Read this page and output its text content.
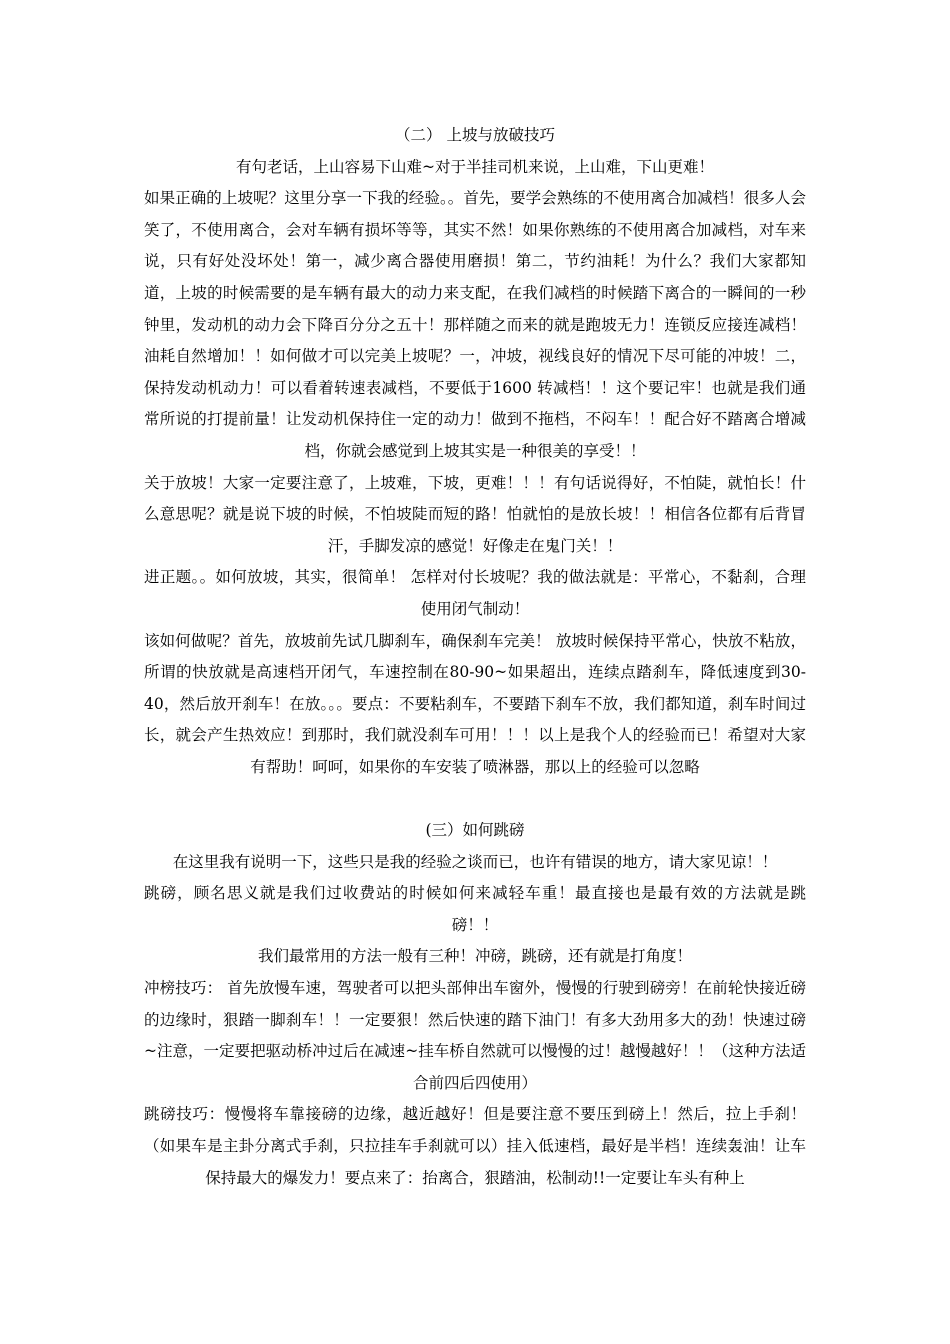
（二） 上坡与放破技巧

有句老话，上山容易下山难~对于半挂司机来说，上山难，下山更难！

如果正确的上坡呢？这里分享一下我的经验。。首先，要学会熟练的不使用离合加减档！很多人会笑了，不使用离合，会对车辆有损坏等等，其实不然！如果你熟练的不使用离合加减档，对车来说，只有好处没坏处！第一，减少离合器使用磨损！第二，节约油耗！为什么？我们大家都知道，上坡的时候需要的是车辆有最大的动力来支配，在我们减档的时候踏下离合的一瞬间的一秒钟里，发动机的动力会下降百分分之五十！那样随之而来的就是跑坡无力！连锁反应接连减档！油耗自然增加！！如何做才可以完美上坡呢？一，冲坡，视线良好的情况下尽可能的冲坡！二，保持发动机动力！可以看着转速表减档，不要低于1600 转减档！！这个要记牢！也就是我们通常所说的打提前量！让发动机保持住一定的动力！做到不拖档，不闷车！！配合好不踏离合增减档，你就会感觉到上坡其实是一种很美的享受！！

关于放坡！大家一定要注意了，上坡难，下坡，更难！！！有句话说得好，不怕陡，就怕长！什么意思呢？就是说下坡的时候，不怕坡陡而短的路！怕就怕的是放长坡！！相信各位都有后背冒汗，手脚发凉的感觉！好像走在鬼门关！！

进正题。。如何放坡，其实，很简单！ 怎样对付长坡呢？我的做法就是：平常心，不黏刹，合理使用闭气制动！

该如何做呢？首先，放坡前先试几脚刹车，确保刹车完美！ 放坡时候保持平常心，快放不粘放，所谓的快放就是高速档开闭气，车速控制在80-90~如果超出，连续点踏刹车，降低速度到30-40，然后放开刹车！在放。。。要点：不要粘刹车，不要踏下刹车不放，我们都知道，刹车时间过长，就会产生热效应！到那时，我们就没刹车可用！！！以上是我个人的经验而已！希望对大家有帮助！呵呵，如果你的车安装了喷淋器，那以上的经验可以忽略

(三）如何跳磅

在这里我有说明一下，这些只是我的经验之谈而已，也许有错误的地方，请大家见谅！！

跳磅，顾名思义就是我们过收费站的时候如何来减轻车重！最直接也是最有效的方法就是跳磅！！

我们最常用的方法一般有三种！冲磅，跳磅，还有就是打角度！

冲榜技巧： 首先放慢车速，驾驶者可以把头部伸出车窗外，慢慢的行驶到磅旁！在前轮快接近磅的边缘时，狠踏一脚刹车！！一定要狠！然后快速的踏下油门！有多大劲用多大的劲！快速过磅~注意，一定要把驱动桥冲过后在减速~挂车桥自然就可以慢慢的过！越慢越好！！（这种方法适合前四后四使用）

跳磅技巧：慢慢将车靠接磅的边缘，越近越好！但是要注意不要压到磅上！然后，拉上手刹！（如果车是主卦分离式手刹，只拉挂车手刹就可以）挂入低速档，最好是半档！连续轰油！让车保持最大的爆发力！要点来了：抬离合，狠踏油，松制动!!一定要让车头有种上
